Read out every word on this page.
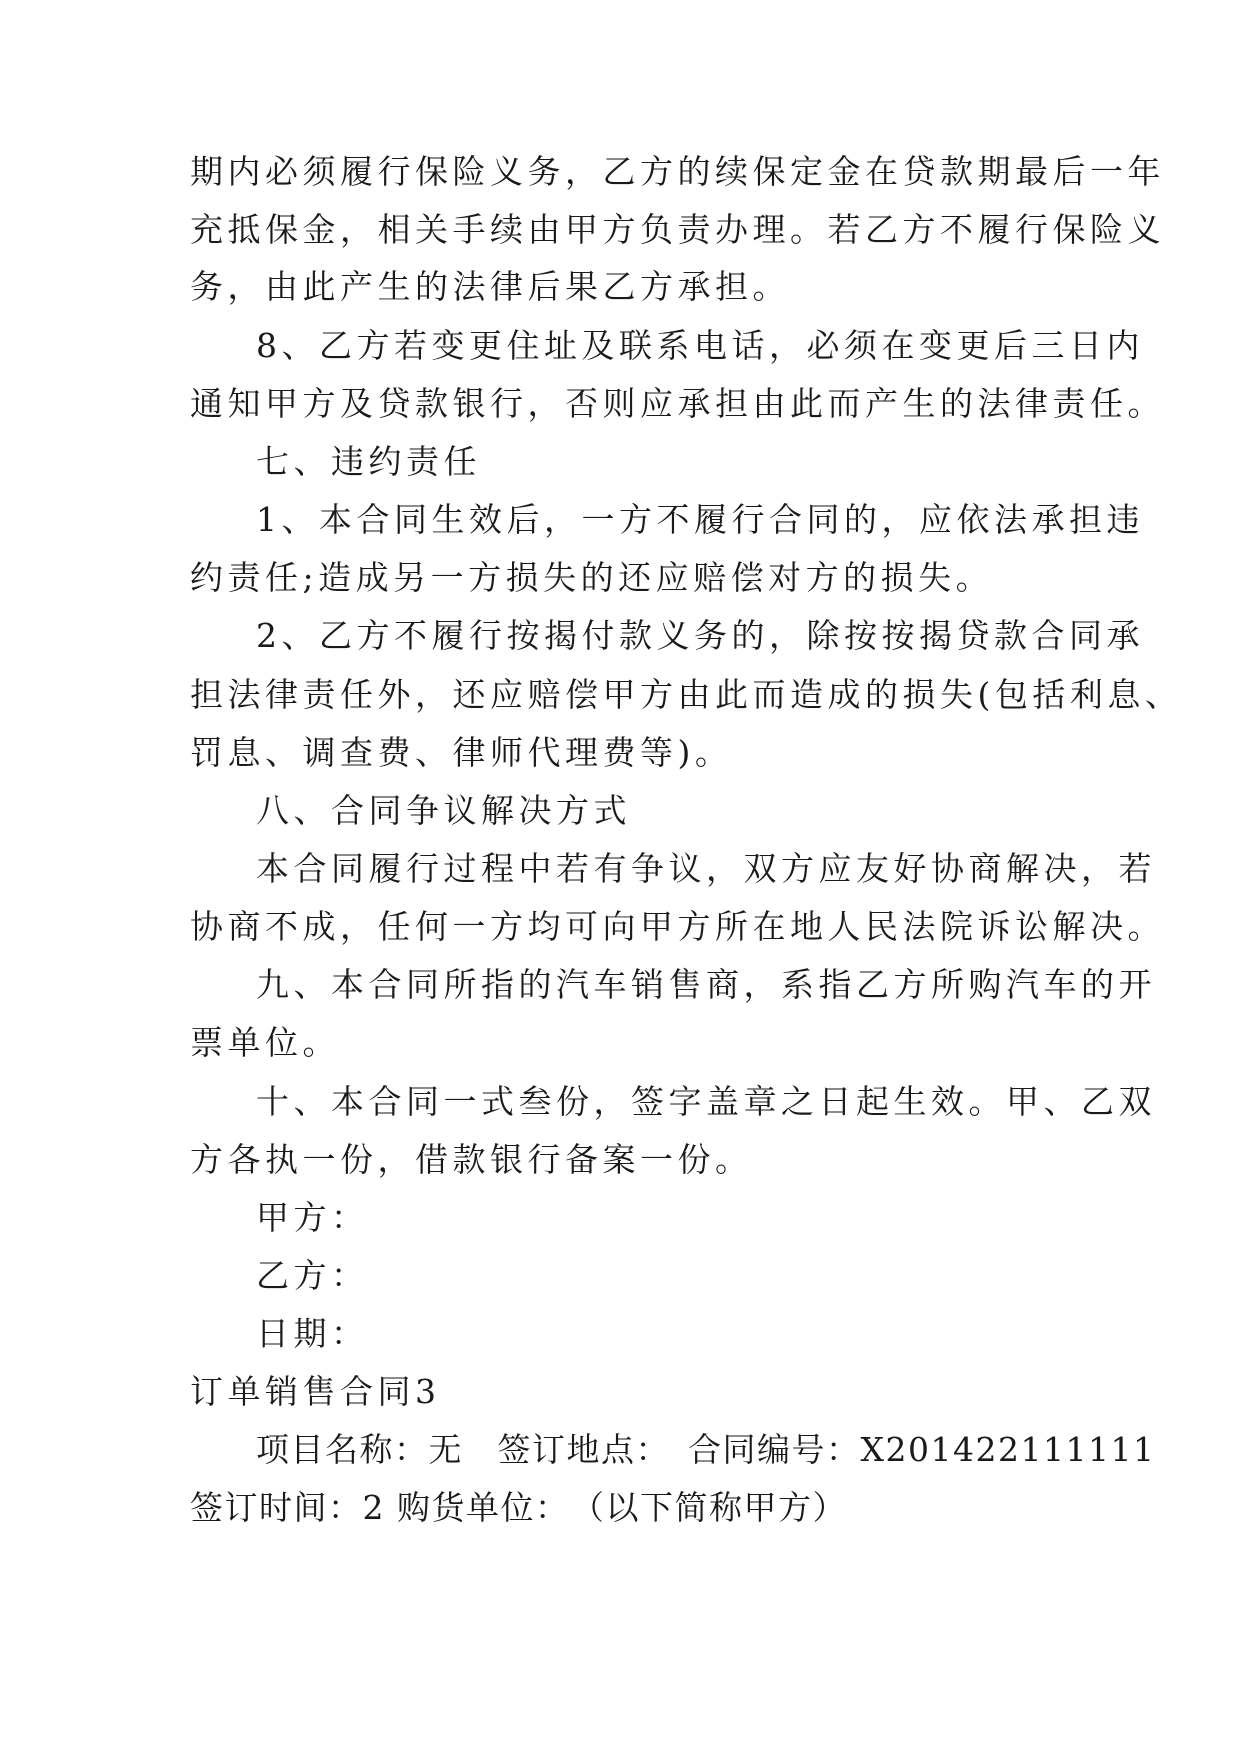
期内必须履行保险义务，乙方的续保定金在贷款期最后一年
充抵保金，相关手续由甲方负责办理。若乙方不履行保险义
务，由此产生的法律后果乙方承担。
8、乙方若变更住址及联系电话，必须在变更后三日内
通知甲方及贷款银行，否则应承担由此而产生的法律责任。
七、违约责任
1、本合同生效后，一方不履行合同的，应依法承担违
约责任;造成另一方损失的还应赔偿对方的损失。
2、乙方不履行按揭付款义务的，除按按揭贷款合同承
担法律责任外，还应赔偿甲方由此而造成的损失(包括利息、
罚息、调查费、律师代理费等)。
八、合同争议解决方式
本合同履行过程中若有争议，双方应友好协商解决，若
协商不成，任何一方均可向甲方所在地人民法院诉讼解决。
九、本合同所指的汽车销售商，系指乙方所购汽车的开
票单位。
十、本合同一式叁份，签字盖章之日起生效。甲、乙双
方各执一份，借款银行备案一份。
甲方：
乙方：
日期：
订单销售合同3
项目名称：无　签订地点：　合同编号：X201422111111
签订时间：2 购货单位：　（以下简称甲方）
